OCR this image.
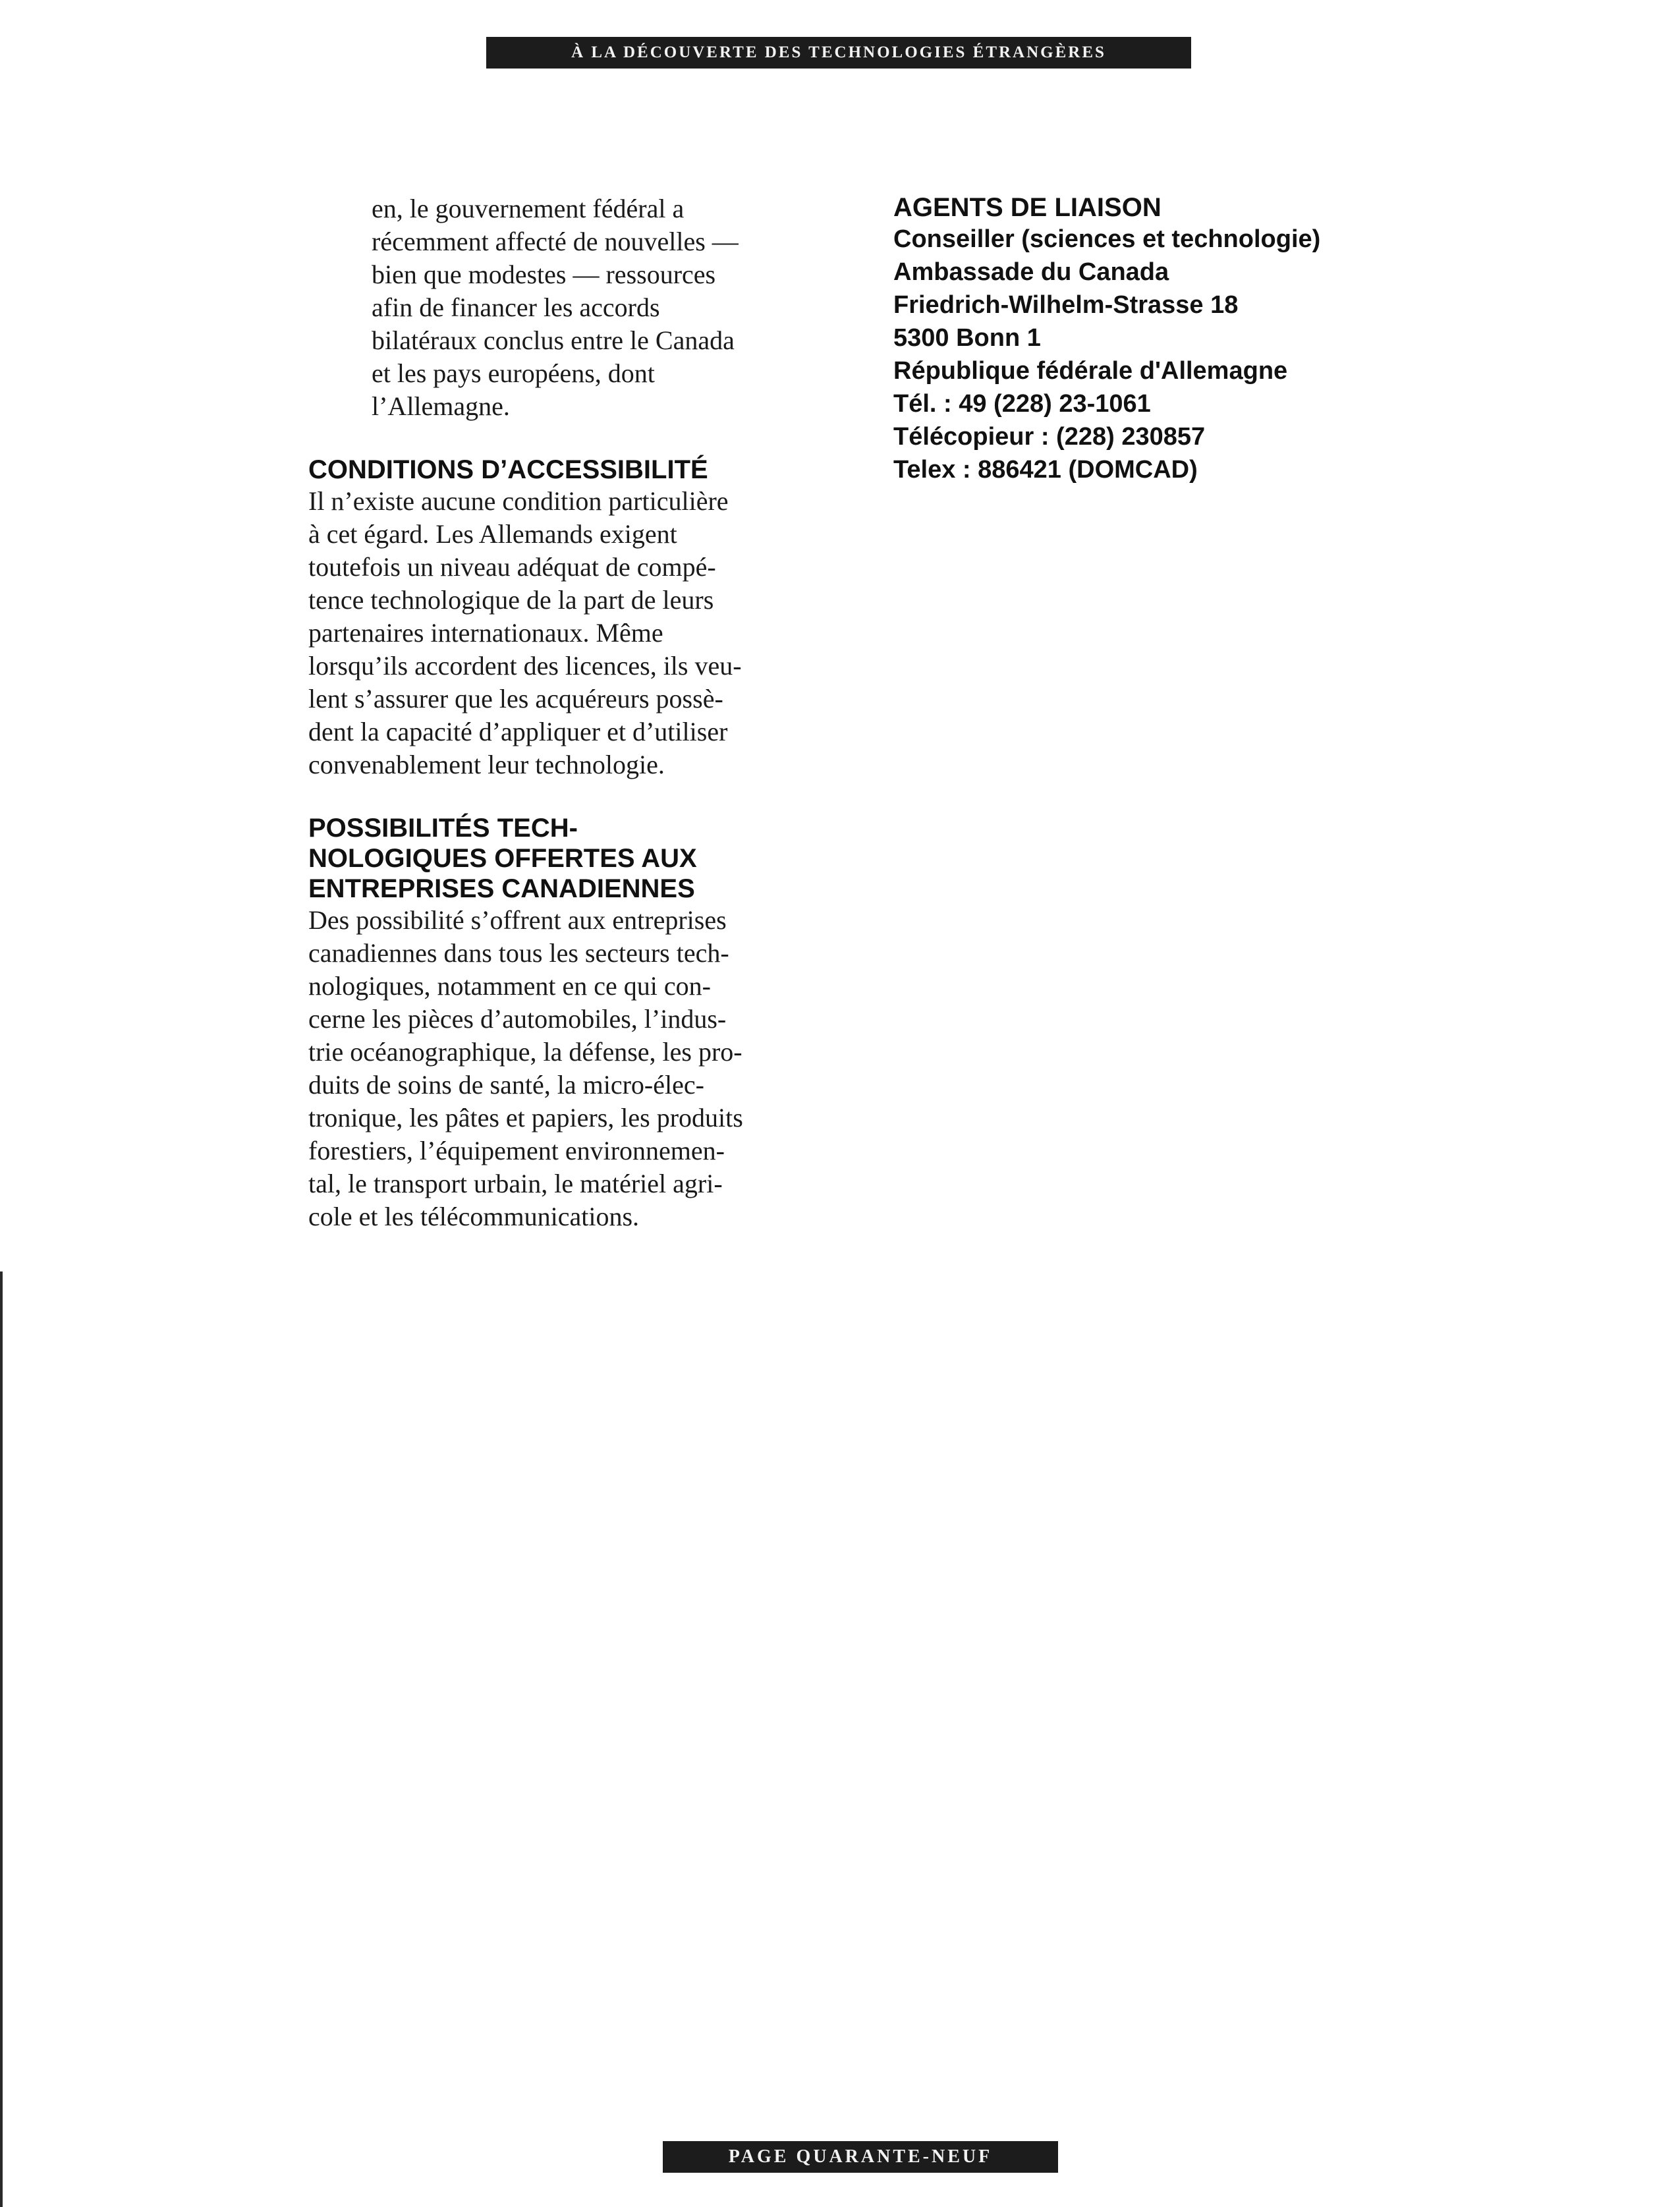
À LA DÉCOUVERTE DES TECHNOLOGIES ÉTRANGÈRES

en, le gouvernement fédéral a
récemment affecté de nouvelles —
bien que modestes — ressources
afin de financer les accords
bilatéraux conclus entre le Canada
et les pays européens, dont
l’Allemagne.

CONDITIONS D’ACCESSIBILITÉ

Il n’existe aucune condition particulière
à cet égard. Les Allemands exigent
toutefois un niveau adéquat de compé-
tence technologique de la part de leurs
partenaires internationaux. Même
lorsqu’ils accordent des licences, ils veu-
lent s’assurer que les acquéreurs possè-
dent la capacité d’appliquer et d’utiliser
convenablement leur technologie.

POSSIBILITÉS TECH-
NOLOGIQUES OFFERTES AUX
ENTREPRISES CANADIENNES

Des possibilité s’offrent aux entreprises
canadiennes dans tous les secteurs tech-
nologiques, notamment en ce qui con-
cerne les pièces d’automobiles, l’indus-
trie océanographique, la défense, les pro-
duits de soins de santé, la micro-élec-
tronique, les pâtes et papiers, les produits
forestiers, l’équipement environnemen-
tal, le transport urbain, le matériel agri-
cole et les télécommunications.

AGENTS DE LIAISON

Conseiller (sciences et technologie)

Ambassade du Canada

Friedrich-Wilhelm-Strasse 18

5300 Bonn 1

République fédérale d'Allemagne

Tél. : 49 (228) 23-1061

Télécopieur : (228) 230857

Telex : 886421 (DOMCAD)

PAGE QUARANTE-NEUF
